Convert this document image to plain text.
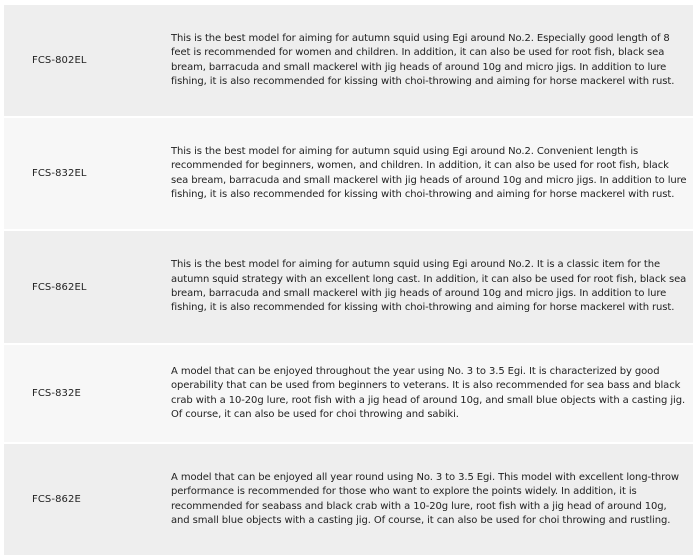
FCS-802EL
This is the best model for aiming for autumn squid using Egi around No.2. Especially good length of 8 feet is recommended for women and children. In addition, it can also be used for root fish, black sea bream, barracuda and small mackerel with jig heads of around 10g and micro jigs. In addition to lure fishing, it is also recommended for kissing with choi-throwing and aiming for horse mackerel with rust.
FCS-832EL
This is the best model for aiming for autumn squid using Egi around No.2. Convenient length is recommended for beginners, women, and children. In addition, it can also be used for root fish, black sea bream, barracuda and small mackerel with jig heads of around 10g and micro jigs. In addition to lure fishing, it is also recommended for kissing with choi-throwing and aiming for horse mackerel with rust.
FCS-862EL
This is the best model for aiming for autumn squid using Egi around No.2. It is a classic item for the autumn squid strategy with an excellent long cast. In addition, it can also be used for root fish, black sea bream, barracuda and small mackerel with jig heads of around 10g and micro jigs. In addition to lure fishing, it is also recommended for kissing with choi-throwing and aiming for horse mackerel with rust.
FCS-832E
A model that can be enjoyed throughout the year using No. 3 to 3.5 Egi. It is characterized by good operability that can be used from beginners to veterans. It is also recommended for sea bass and black crab with a 10-20g lure, root fish with a jig head of around 10g, and small blue objects with a casting jig. Of course, it can also be used for choi throwing and sabiki.
FCS-862E
A model that can be enjoyed all year round using No. 3 to 3.5 Egi. This model with excellent long-throw performance is recommended for those who want to explore the points widely. In addition, it is recommended for seabass and black crab with a 10-20g lure, root fish with a jig head of around 10g, and small blue objects with a casting jig. Of course, it can also be used for choi throwing and rustling.
